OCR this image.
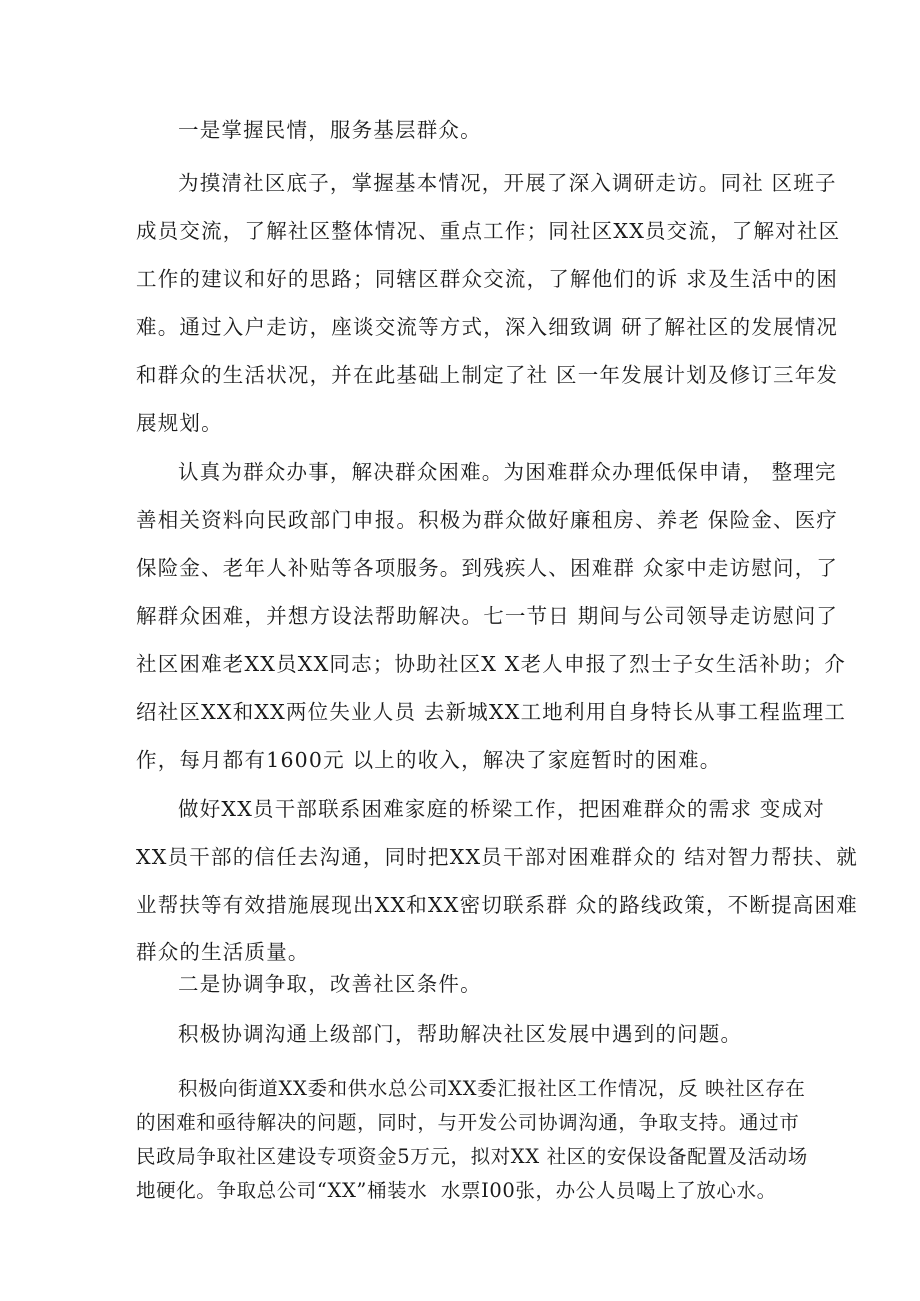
一是掌握民情，服务基层群众。
为摸清社区底子，掌握基本情况，开展了深入调研走访。同社 区班子
成员交流，了解社区整体情况、重点工作；同社区XX员交流，了解对社区
工作的建议和好的思路；同辖区群众交流，了解他们的诉 求及生活中的困
难。通过入户走访，座谈交流等方式，深入细致调 研了解社区的发展情况
和群众的生活状况，并在此基础上制定了社 区一年发展计划及修订三年发
展规划。
认真为群众办事，解决群众困难。为困难群众办理低保申请， 整理完
善相关资料向民政部门申报。积极为群众做好廉租房、养老 保险金、医疗
保险金、老年人补贴等各项服务。到残疾人、困难群 众家中走访慰问，了
解群众困难，并想方设法帮助解决。七一节日 期间与公司领导走访慰问了
社区困难老XX员XX同志；协助社区X X老人申报了烈士子女生活补助；介
绍社区XX和XX两位失业人员 去新城XX工地利用自身特长从事工程监理工
作，每月都有1600元 以上的收入，解决了家庭暂时的困难。
做好XX员干部联系困难家庭的桥梁工作，把困难群众的需求 变成对
XX员干部的信任去沟通，同时把XX员干部对困难群众的 结对智力帮扶、就
业帮扶等有效措施展现出XX和XX密切联系群 众的路线政策，不断提高困难
群众的生活质量。
二是协调争取，改善社区条件。
积极协调沟通上级部门，帮助解决社区发展中遇到的问题。
积极向街道XX委和供水总公司XX委汇报社区工作情况，反 映社区存在
的困难和亟待解决的问题，同时，与开发公司协调沟通，争取支持。通过市
民政局争取社区建设专项资金5万元，拟对XX 社区的安保设备配置及活动场
地硬化。争取总公司“XX”桶装水  水票I00张，办公人员喝上了放心水。
